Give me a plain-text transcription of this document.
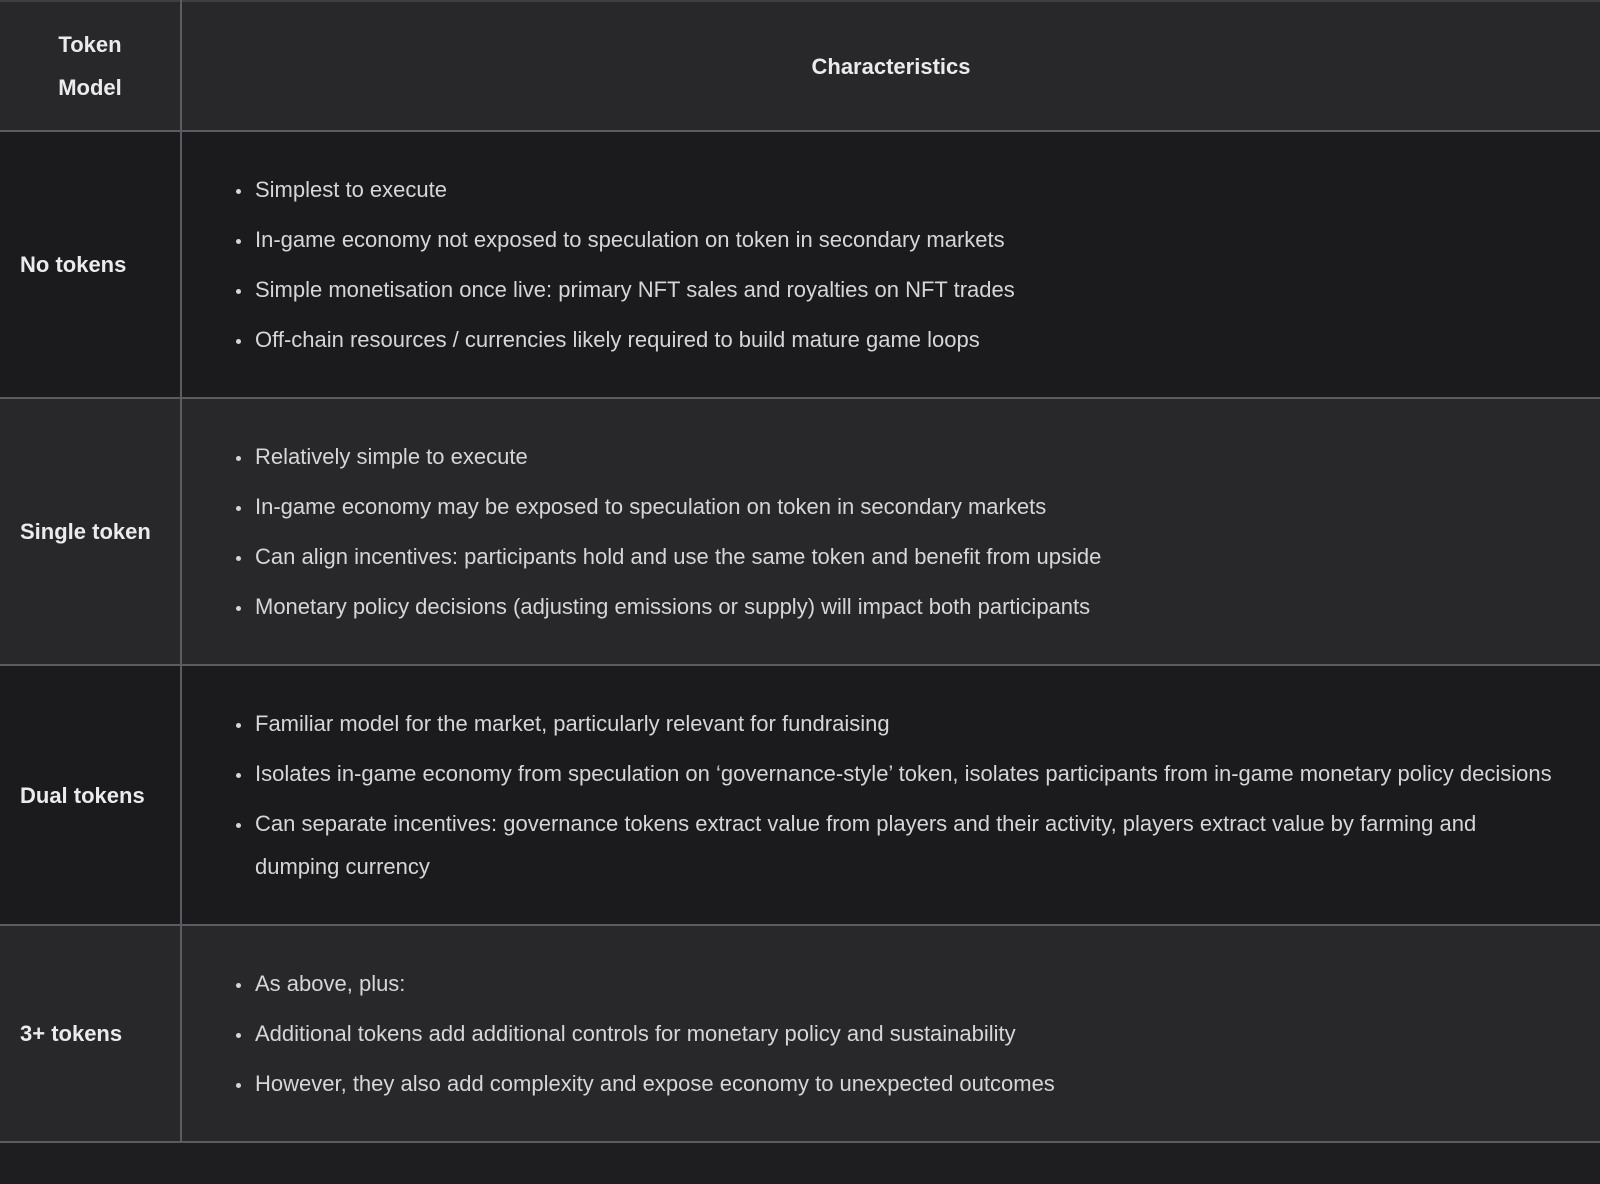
Token Model	Characteristics
No tokens	
• Simplest to execute
• In-game economy not exposed to speculation on token in secondary markets
• Simple monetisation once live: primary NFT sales and royalties on NFT trades
• Off-chain resources / currencies likely required to build mature game loops

Single token	
• Relatively simple to execute
• In-game economy may be exposed to speculation on token in secondary markets
• Can align incentives: participants hold and use the same token and benefit from upside
• Monetary policy decisions (adjusting emissions or supply) will impact both participants

Dual tokens	
• Familiar model for the market, particularly relevant for fundraising
• Isolates in-game economy from speculation on ‘governance-style’ token, isolates participants from in-game monetary policy decisions
• Can separate incentives: governance tokens extract value from players and their activity, players extract value by farming and dumping currency

3+ tokens	
• As above, plus:
• Additional tokens add additional controls for monetary policy and sustainability
• However, they also add complexity and expose economy to unexpected outcomes
